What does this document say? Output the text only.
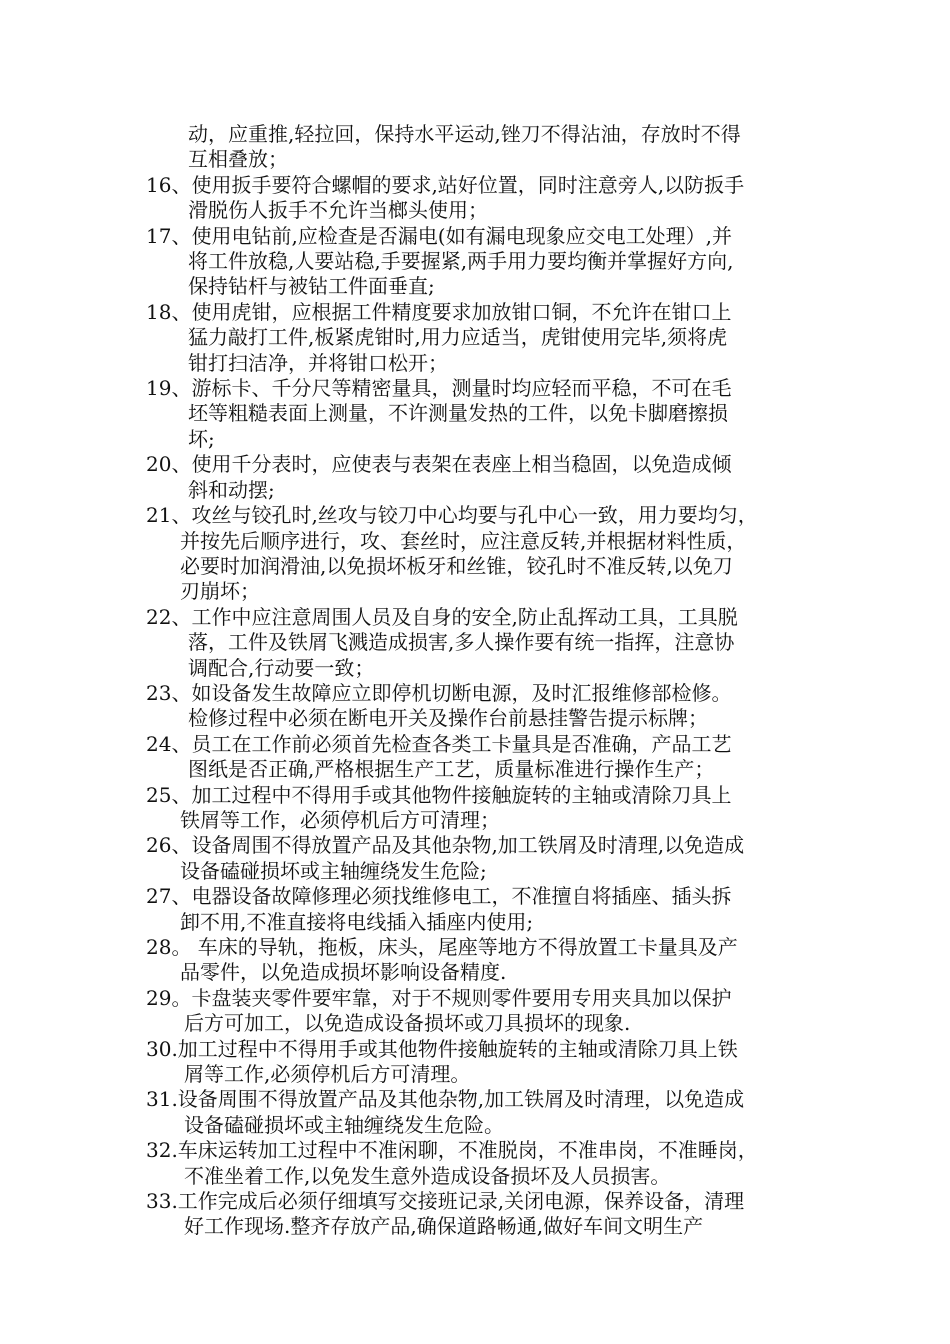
动，应重推,轻拉回，保持水平运动,锉刀不得沾油，存放时不得
互相叠放；
16、使用扳手要符合螺帽的要求,站好位置，同时注意旁人,以防扳手
滑脱伤人扳手不允许当榔头使用；
17、使用电钻前,应检查是否漏电(如有漏电现象应交电工处理）,并
将工件放稳,人要站稳,手要握紧,两手用力要均衡并掌握好方向,
保持钻杆与被钻工件面垂直;
18、使用虎钳，应根据工件精度要求加放钳口铜，不允许在钳口上
猛力敲打工件,板紧虎钳时,用力应适当，虎钳使用完毕,须将虎
钳打扫洁净，并将钳口松开；
19、游标卡、千分尺等精密量具，测量时均应轻而平稳，不可在毛
坯等粗糙表面上测量，不许测量发热的工件，以免卡脚磨擦损
坏;
20、使用千分表时，应使表与表架在表座上相当稳固，以免造成倾
斜和动摆;
21、攻丝与铰孔时,丝攻与铰刀中心均要与孔中心一致，用力要均匀，
并按先后顺序进行，攻、套丝时，应注意反转,并根据材料性质，
必要时加润滑油,以免损坏板牙和丝锥，铰孔时不准反转,以免刀
刃崩坏；
22、工作中应注意周围人员及自身的安全,防止乱挥动工具，工具脱
落，工件及铁屑飞溅造成损害,多人操作要有统一指挥，注意协
调配合,行动要一致；
23、如设备发生故障应立即停机切断电源，及时汇报维修部检修。
检修过程中必须在断电开关及操作台前悬挂警告提示标牌；
24、员工在工作前必须首先检查各类工卡量具是否准确，产品工艺
图纸是否正确,严格根据生产工艺，质量标准进行操作生产；
25、加工过程中不得用手或其他物件接触旋转的主轴或清除刀具上
铁屑等工作，必须停机后方可清理；
26、设备周围不得放置产品及其他杂物,加工铁屑及时清理,以免造成
设备磕碰损坏或主轴缠绕发生危险;
27、电器设备故障修理必须找维修电工，不准擅自将插座、插头拆
卸不用,不准直接将电线插入插座内使用;
28。 车床的导轨，拖板，床头，尾座等地方不得放置工卡量具及产
品零件，以免造成损坏影响设备精度.
29。卡盘装夹零件要牢靠，对于不规则零件要用专用夹具加以保护
后方可加工，以免造成设备损坏或刀具损坏的现象.
30.加工过程中不得用手或其他物件接触旋转的主轴或清除刀具上铁
屑等工作,必须停机后方可清理。
31.设备周围不得放置产品及其他杂物,加工铁屑及时清理，以免造成
设备磕碰损坏或主轴缠绕发生危险。
32.车床运转加工过程中不准闲聊，不准脱岗，不准串岗，不准睡岗，
不准坐着工作,以免发生意外造成设备损坏及人员损害。
33.工作完成后必须仔细填写交接班记录,关闭电源，保养设备，清理
好工作现场.整齐存放产品,确保道路畅通,做好车间文明生产
